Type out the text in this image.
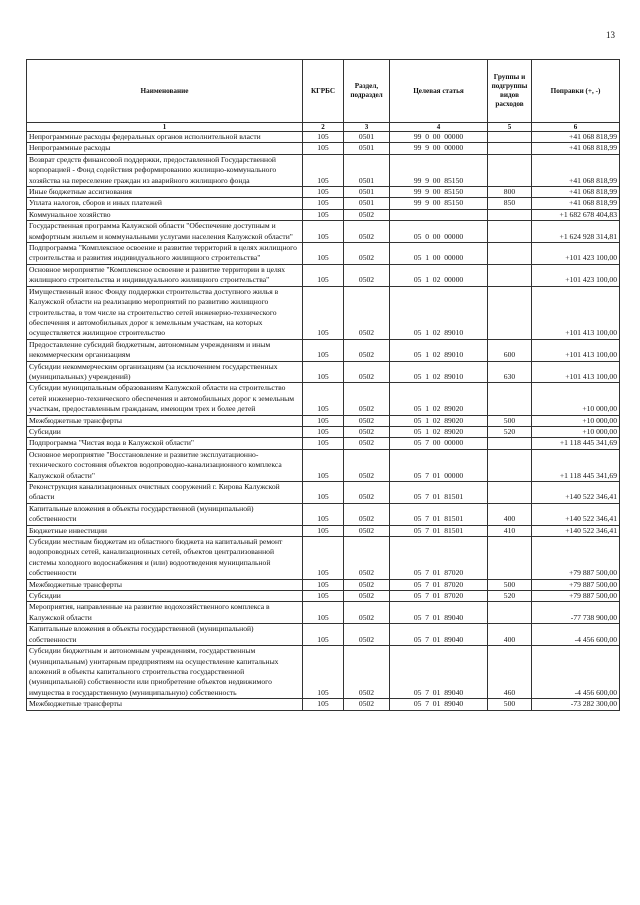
13
Наименование	КГРБС	Раздел, подраздел	Целевая статья	Группы и подгруппы видов расходов	Поправки (+, -)
1	2	3	4	5	6
Непрограммные расходы федеральных органов исполнительной власти	105	0501	99  0  00  00000		+41 068 818,99
Непрограммные расходы	105	0501	99  9  00  00000		+41 068 818,99
Возврат средств финансовой поддержки, предоставленной Государственной корпорацией - Фонд содействия реформированию жилищно-коммунального хозяйства на переселение граждан из аварийного жилищного фонда	105	0501	99  9  00  85150		+41 068 818,99
Иные бюджетные ассигнования	105	0501	99  9  00  85150	800	+41 068 818,99
Уплата налогов, сборов и иных платежей	105	0501	99  9  00  85150	850	+41 068 818,99
Коммунальное хозяйство	105	0502			+1 682 678 404,83
Государственная программа Калужской области "Обеспечение доступным и комфортным жильем и коммунальными услугами населения Калужской области"	105	0502	05  0  00  00000		+1 624 928 314,81
Подпрограмма "Комплексное освоение и развитие территорий в целях жилищного строительства и развития индивидуального жилищного строительства"	105	0502	05  1  00  00000		+101 423 100,00
Основное мероприятие "Комплексное освоение и развитие территории в целях жилищного строительства и индивидуального жилищного строительства"	105	0502	05  1  02  00000		+101 423 100,00
Имущественный взнос Фонду поддержки строительства доступного жилья в Калужской области на реализацию мероприятий по развитию жилищного строительства, в том числе на строительство сетей инженерно-технического обеспечения и автомобильных дорог к земельным участкам, на которых осуществляется жилищное строительство	105	0502	05  1  02  89010		+101 413 100,00
Предоставление субсидий бюджетным, автономным учреждениям и иным некоммерческим организациям	105	0502	05  1  02  89010	600	+101 413 100,00
Субсидии некоммерческим организациям (за исключением государственных (муниципальных) учреждений)	105	0502	05  1  02  89010	630	+101 413 100,00
Субсидии муниципальным образованиям Калужской области на строительство сетей инженерно-технического обеспечения и автомобильных дорог к земельным участкам, предоставленным гражданам, имеющим трех и более детей	105	0502	05  1  02  89020		+10 000,00
Межбюджетные трансферты	105	0502	05  1  02  89020	500	+10 000,00
Субсидии	105	0502	05  1  02  89020	520	+10 000,00
Подпрограмма "Чистая вода в Калужской области"	105	0502	05  7  00  00000		+1 118 445 341,69
Основное мероприятие "Восстановление и развитие эксплуатационно-технического состояния объектов водопроводно-канализационного комплекса Калужской области"	105	0502	05  7  01  00000		+1 118 445 341,69
Реконструкция канализационных очистных сооружений г. Кирова Калужской области	105	0502	05  7  01  81501		+140 522 346,41
Капитальные вложения в объекты государственной (муниципальной) собственности	105	0502	05  7  01  81501	400	+140 522 346,41
Бюджетные инвестиции	105	0502	05  7  01  81501	410	+140 522 346,41
Субсидии местным бюджетам из областного бюджета на капитальный ремонт водопроводных сетей, канализационных сетей, объектов централизованной системы холодного водоснабжения и (или) водоотведения муниципальной собственности	105	0502	05  7  01  87020		+79 887 500,00
Межбюджетные трансферты	105	0502	05  7  01  87020	500	+79 887 500,00
Субсидии	105	0502	05  7  01  87020	520	+79 887 500,00
Мероприятия, направленные на развитие водохозяйственного комплекса в Калужской области	105	0502	05  7  01  89040		-77 738 900,00
Капитальные вложения в объекты государственной (муниципальной) собственности	105	0502	05  7  01  89040	400	-4 456 600,00
Субсидии бюджетным и автономным учреждениям, государственным (муниципальным) унитарным предприятиям на осуществление капитальных вложений в объекты капитального строительства государственной (муниципальной) собственности или приобретение объектов недвижимого имущества в государственную (муниципальную) собственность	105	0502	05  7  01  89040	460	-4 456 600,00
Межбюджетные трансферты	105	0502	05  7  01  89040	500	-73 282 300,00
